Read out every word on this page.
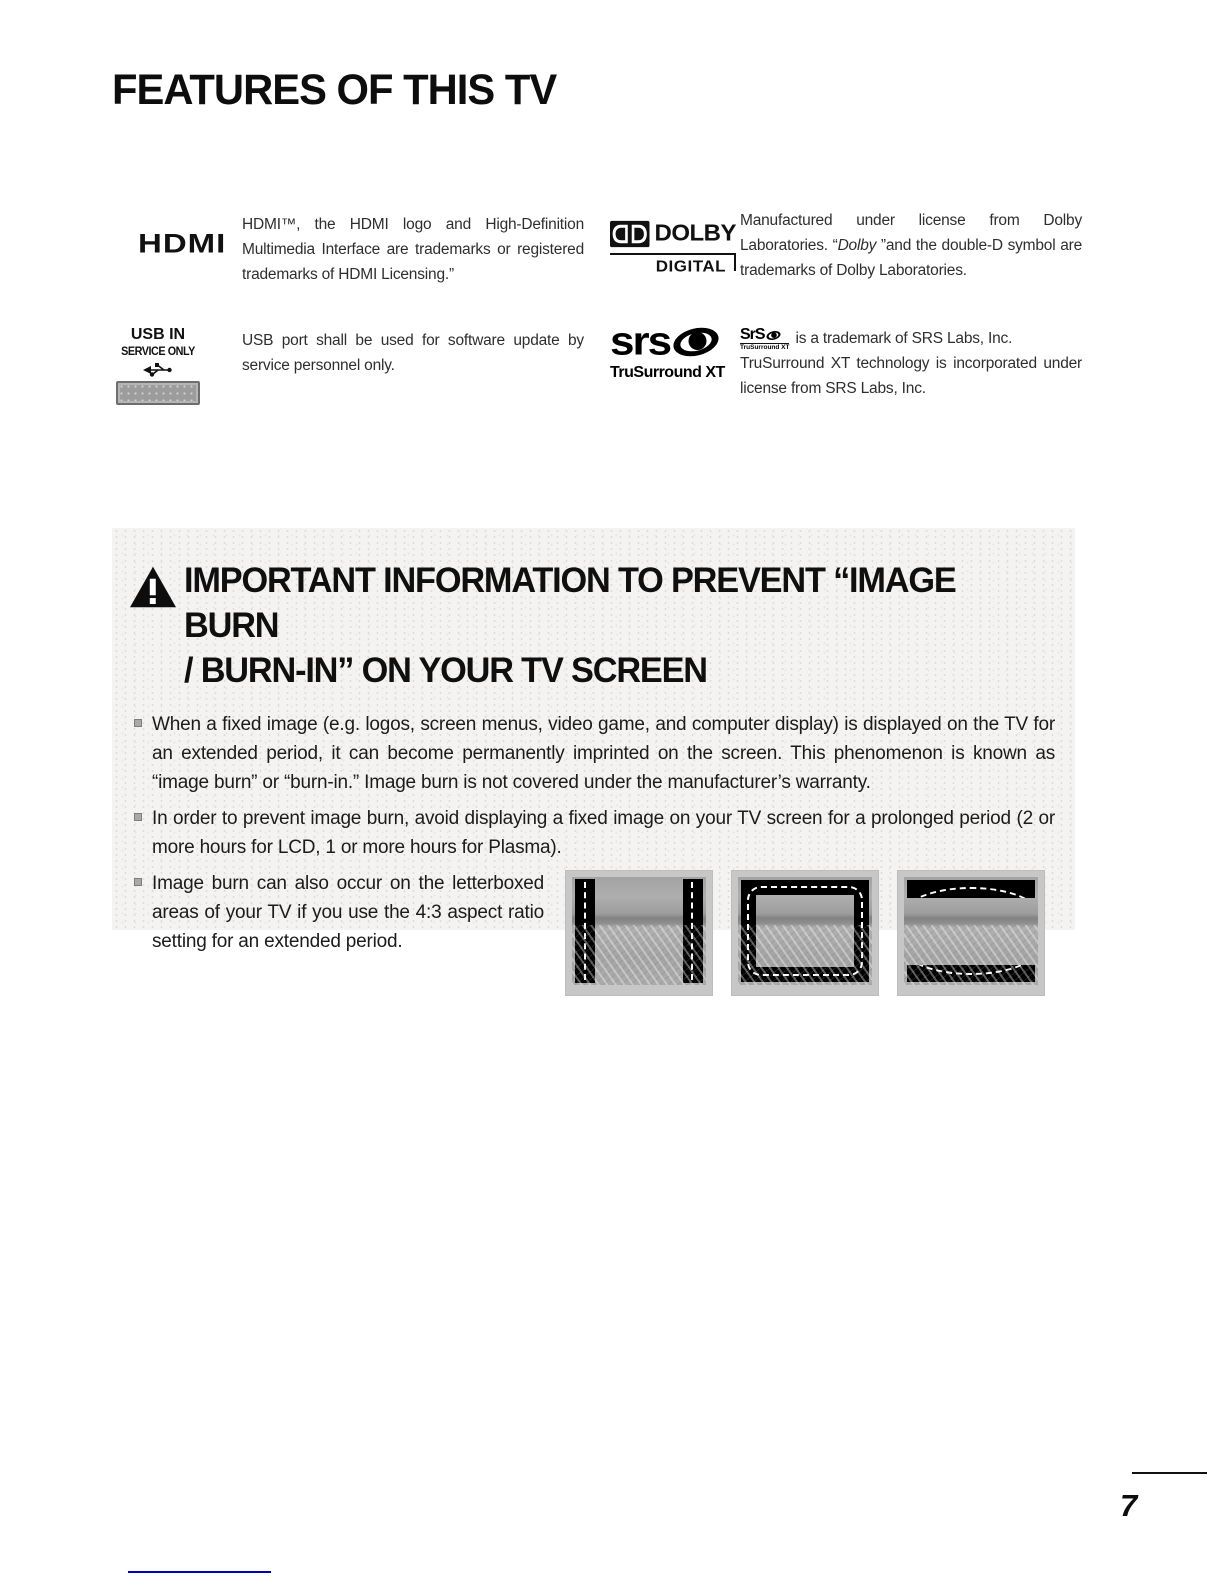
FEATURES OF THIS TV
HDMI

HDMI™, the HDMI logo and High-Definition Multimedia Interface are trademarks or registered trademarks of HDMI Licensing.”

DOLBY
DIGITAL

Manufactured under license from Dolby Laboratories. “Dolby ”and the double-D symbol are trademarks of Dolby Laboratories.

USB IN
SERVICE ONLY

USB port shall be used for software update by service personnel only.

srs
TruSurround XT

SrS
TruSurround XT
is a trademark of SRS Labs, Inc.
TruSurround XT technology is incorporated under license from SRS Labs, Inc.

IMPORTANT INFORMATION TO PREVENT “IMAGE BURN
/ BURN-IN” ON YOUR TV SCREEN
When a fixed image (e.g. logos, screen menus, video game, and computer display) is displayed on the TV for an extended period, it can become permanently imprinted on the screen. This phenomenon is known as “image burn” or “burn-in.” Image burn is not covered under the manufacturer’s warranty.
In order to prevent image burn, avoid displaying a fixed image on your TV screen for a prolonged period (2 or more hours for LCD, 1 or more hours for Plasma).
Image burn can also occur on the letterboxed areas of your TV if you use the 4:3 aspect ratio setting for an extended period.
7
